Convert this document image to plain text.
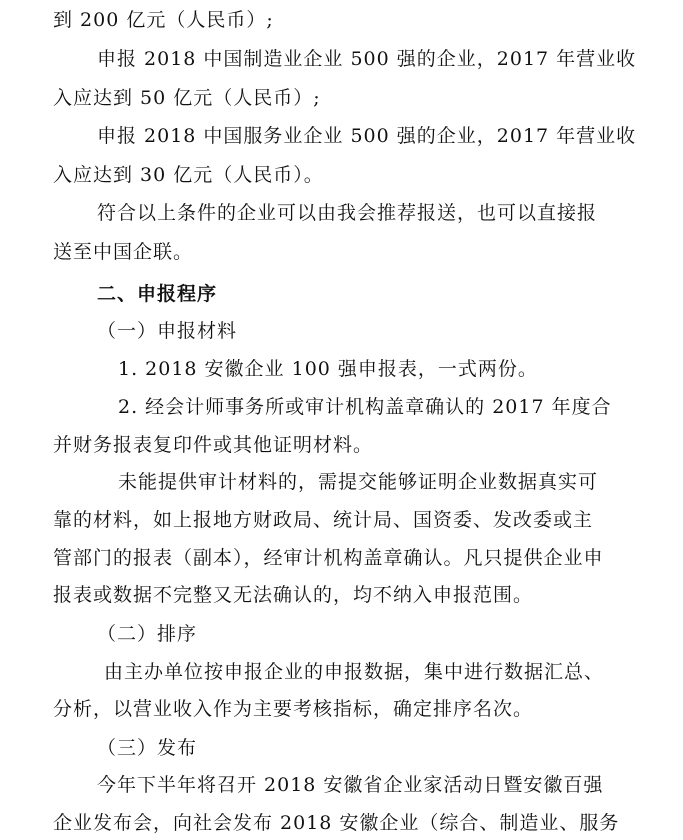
到 200 亿元（人民币）;
申报 2018 中国制造业企业 500 强的企业，2017 年营业收
入应达到 50 亿元（人民币）;
申报 2018 中国服务业企业 500 强的企业，2017 年营业收
入应达到 30 亿元（人民币）。
符合以上条件的企业可以由我会推荐报送，也可以直接报
送至中国企联。
二、申报程序
（一）申报材料
1. 2018 安徽企业 100 强申报表，一式两份。
2. 经会计师事务所或审计机构盖章确认的 2017 年度合
并财务报表复印件或其他证明材料。
未能提供审计材料的，需提交能够证明企业数据真实可
靠的材料，如上报地方财政局、统计局、国资委、发改委或主
管部门的报表（副本），经审计机构盖章确认。凡只提供企业申
报表或数据不完整又无法确认的，均不纳入申报范围。
（二）排序
由主办单位按申报企业的申报数据，集中进行数据汇总、
分析，以营业收入作为主要考核指标，确定排序名次。
（三）发布
今年下半年将召开 2018 安徽省企业家活动日暨安徽百强
企业发布会，向社会发布 2018 安徽企业（综合、制造业、服务
